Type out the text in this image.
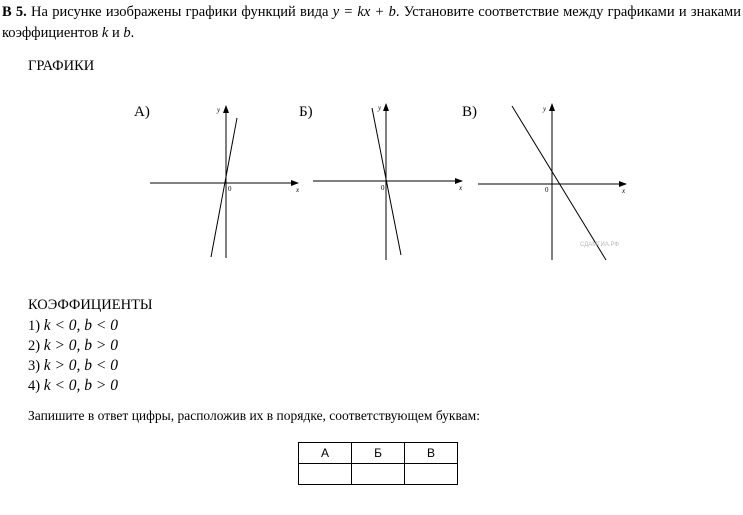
В 5. На рисунке изображены графики функций вида y = kx + b. Установите соответствие между графиками и знаками коэффициентов k и b.
ГРАФИКИ
А)	Б)	В)
x
y
0	x
y
0	x
y
0
СДАМГИА.РФ
КОЭФФИЦИЕНТЫ
1) k < 0, b < 0
2) k > 0, b > 0
3) k > 0, b < 0
4) k < 0, b > 0
Запишите в ответ цифры, расположив их в порядке, соответствующем буквам:
А	Б	В
